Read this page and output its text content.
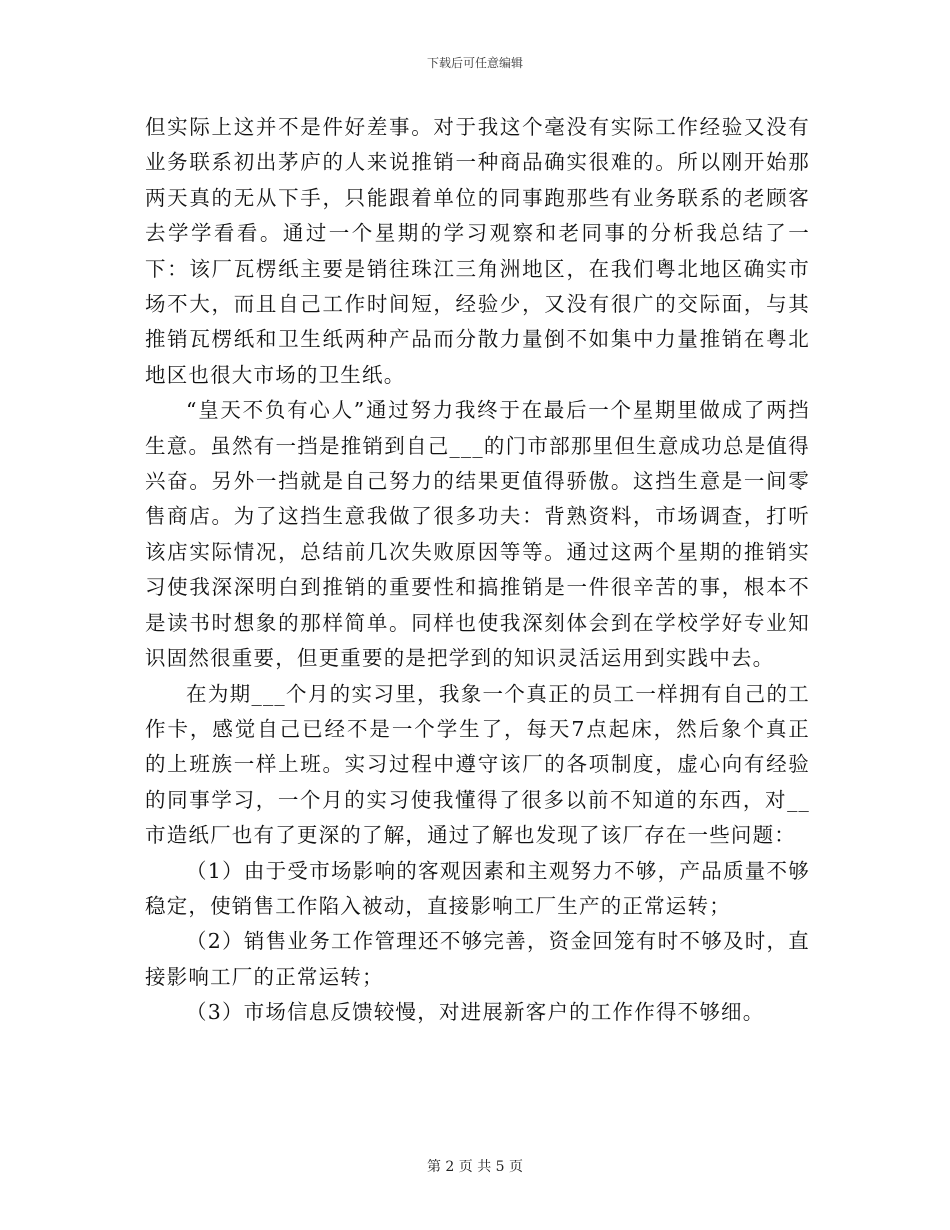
下载后可任意编辑

但实际上这并不是件好差事。对于我这个毫没有实际工作经验又没有业务联系初出茅庐的人来说推销一种商品确实很难的。所以刚开始那两天真的无从下手，只能跟着单位的同事跑那些有业务联系的老顾客去学学看看。通过一个星期的学习观察和老同事的分析我总结了一下：该厂瓦楞纸主要是销往珠江三角洲地区，在我们粤北地区确实市场不大，而且自己工作时间短，经验少，又没有很广的交际面，与其推销瓦楞纸和卫生纸两种产品而分散力量倒不如集中力量推销在粤北地区也很大市场的卫生纸。

“皇天不负有心人”通过努力我终于在最后一个星期里做成了两挡生意。虽然有一挡是推销到自己___的门市部那里但生意成功总是值得兴奋。另外一挡就是自己努力的结果更值得骄傲。这挡生意是一间零售商店。为了这挡生意我做了很多功夫：背熟资料，市场调查，打听该店实际情况，总结前几次失败原因等等。通过这两个星期的推销实习使我深深明白到推销的重要性和搞推销是一件很辛苦的事，根本不是读书时想象的那样简单。同样也使我深刻体会到在学校学好专业知识固然很重要，但更重要的是把学到的知识灵活运用到实践中去。

在为期___个月的实习里，我象一个真正的员工一样拥有自己的工作卡，感觉自己已经不是一个学生了，每天7点起床，然后象个真正的上班族一样上班。实习过程中遵守该厂的各项制度，虚心向有经验的同事学习，一个月的实习使我懂得了很多以前不知道的东西，对__市造纸厂也有了更深的了解，通过了解也发现了该厂存在一些问题：

（1）由于受市场影响的客观因素和主观努力不够，产品质量不够稳定，使销售工作陷入被动，直接影响工厂生产的正常运转；

（2）销售业务工作管理还不够完善，资金回笼有时不够及时，直接影响工厂的正常运转；

（3）市场信息反馈较慢，对进展新客户的工作作得不够细。

第 2 页 共 5 页
